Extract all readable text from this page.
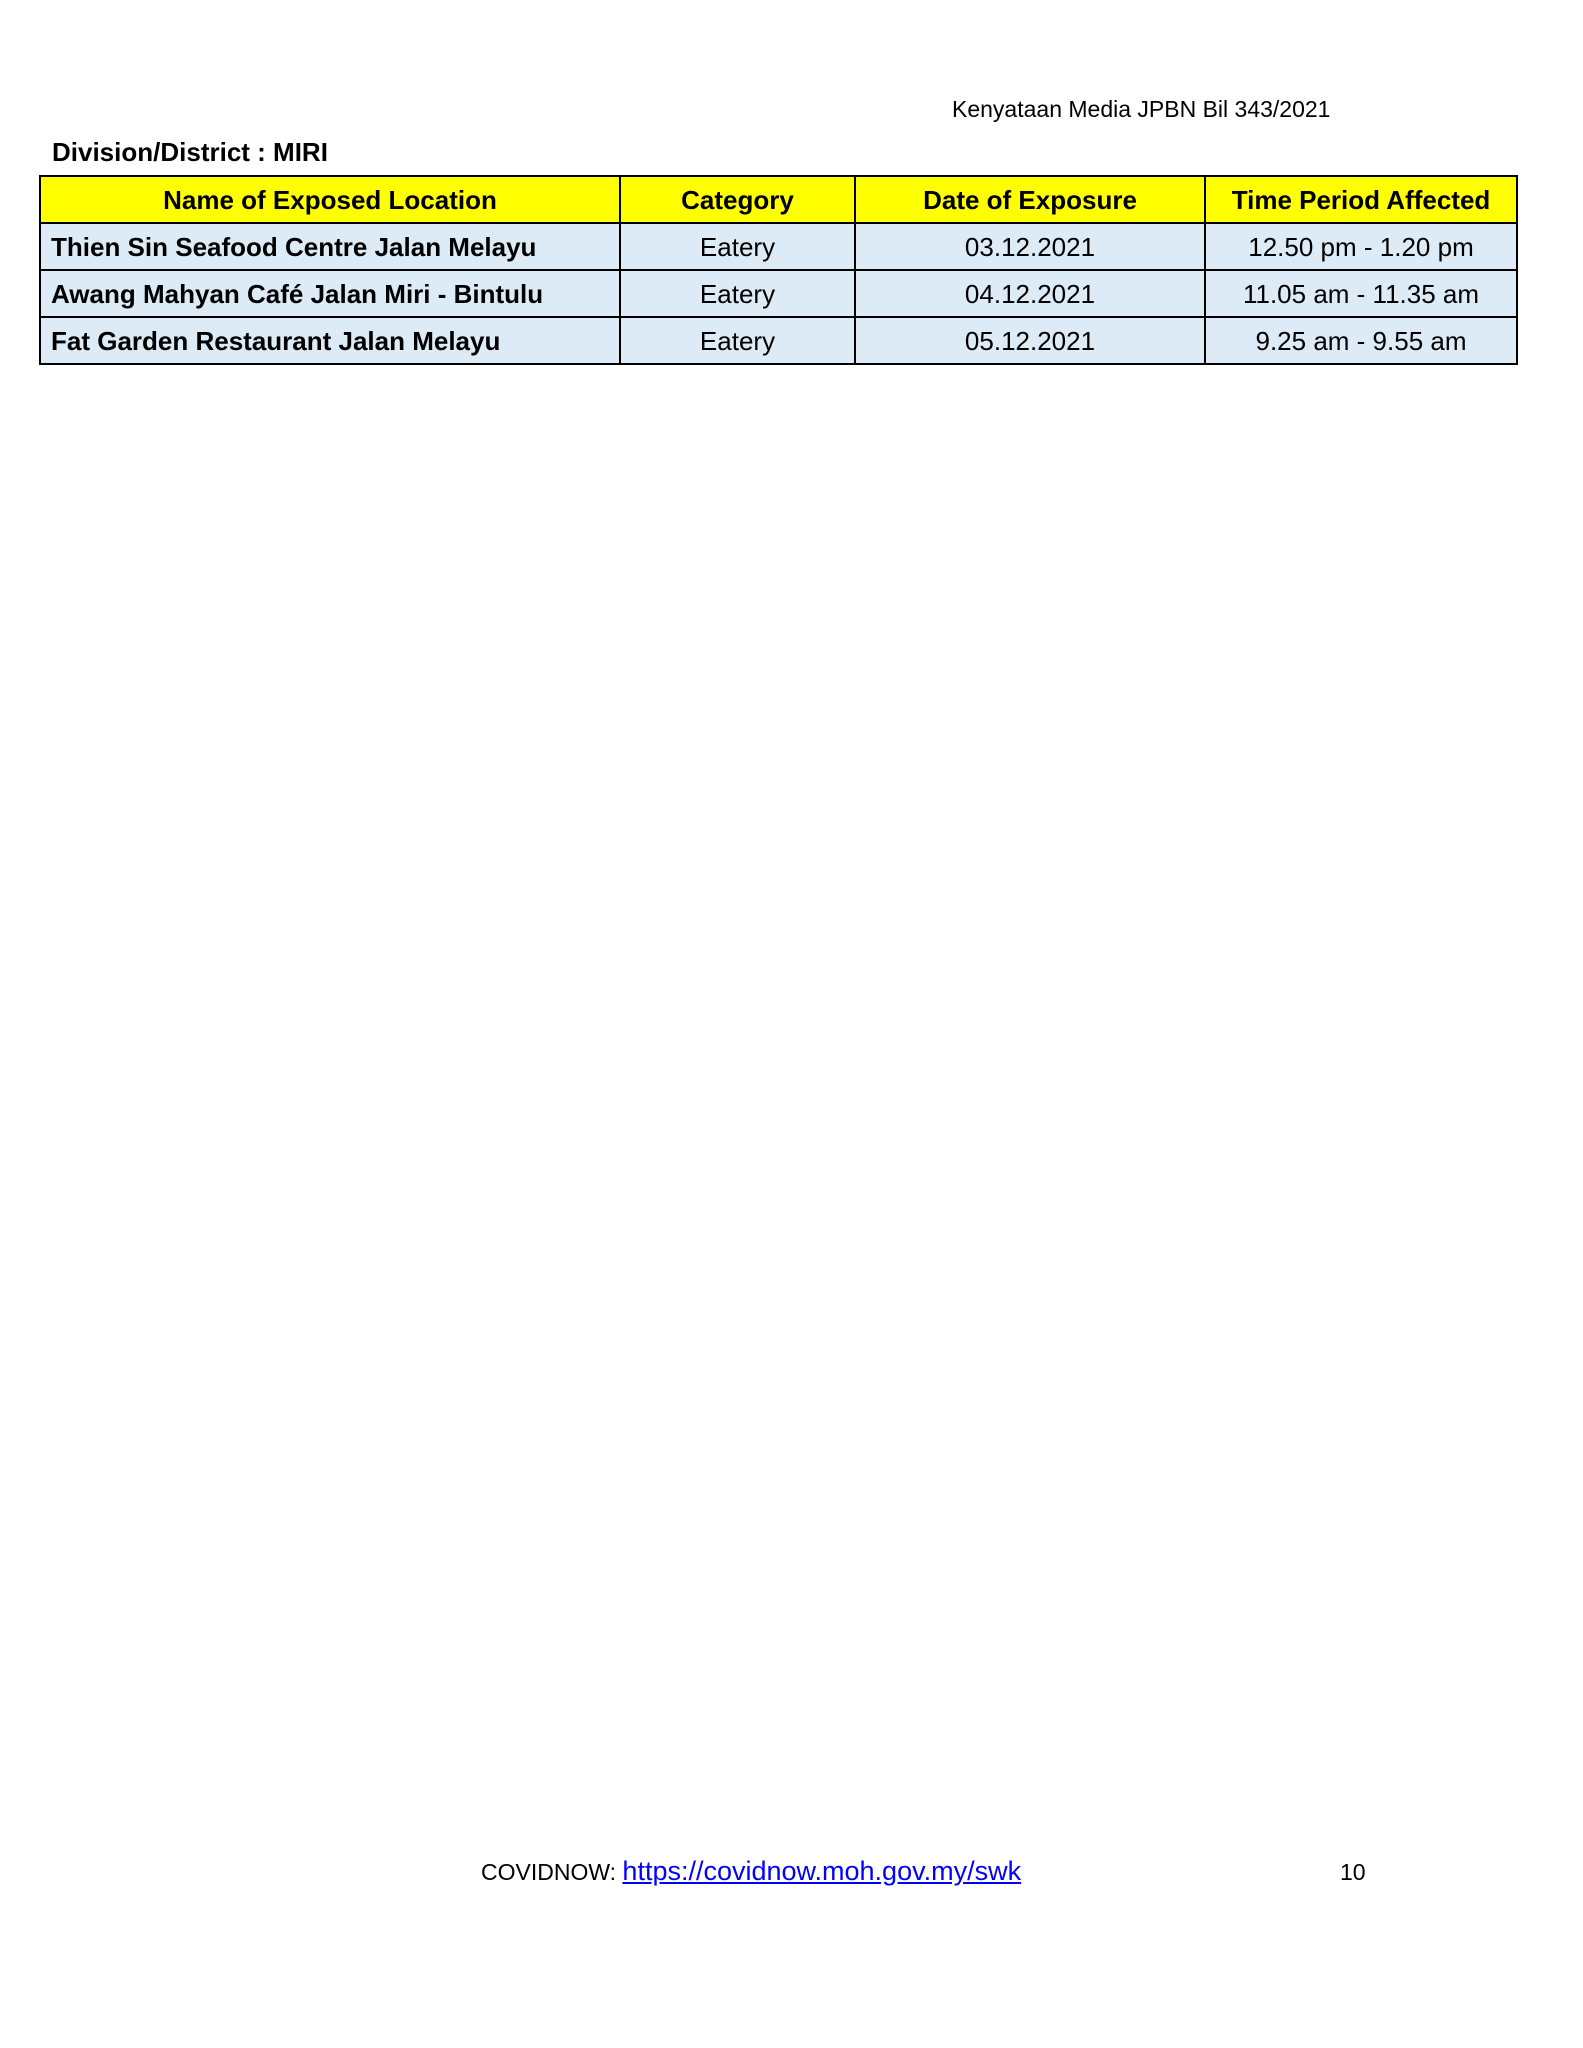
Kenyataan Media JPBN Bil 343/2021
Division/District : MIRI
Name of Exposed Location	Category	Date of Exposure	Time Period Affected
Thien Sin Seafood Centre Jalan Melayu	Eatery	03.12.2021	12.50 pm - 1.20 pm
Awang Mahyan Café Jalan Miri - Bintulu	Eatery	04.12.2021	11.05 am - 11.35 am
Fat Garden Restaurant Jalan Melayu	Eatery	05.12.2021	9.25 am - 9.55 am
COVIDNOW: https://covidnow.moh.gov.my/swk	10
